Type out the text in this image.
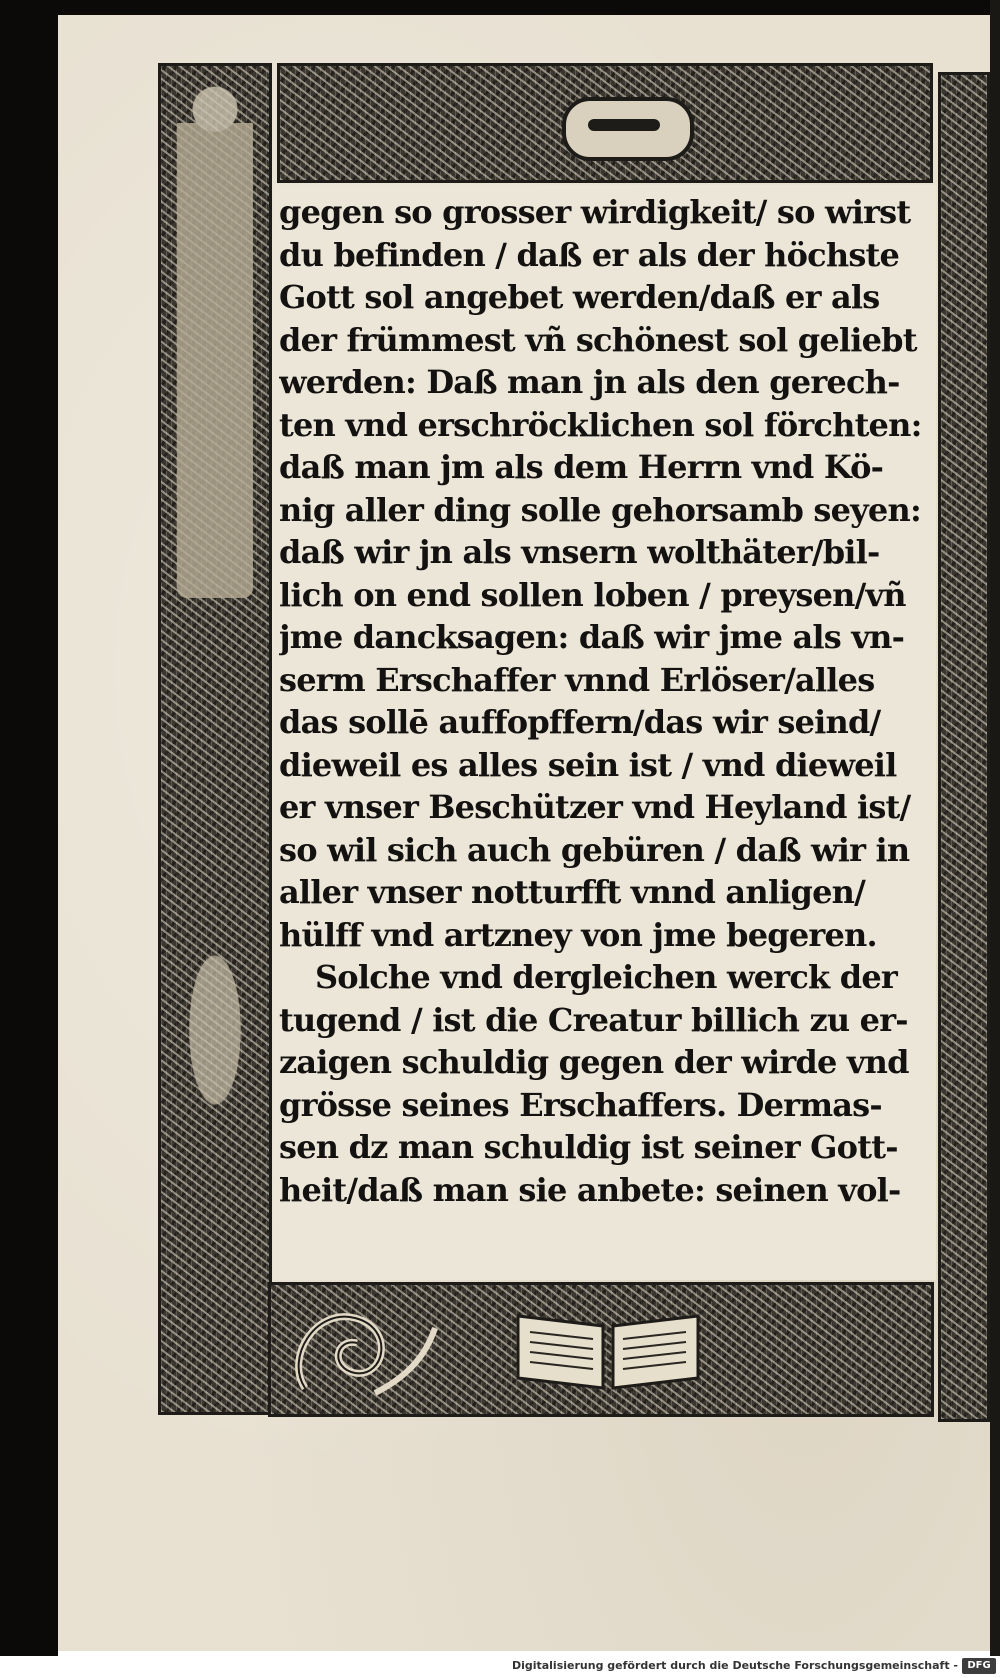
gegen so grosser wirdigkeit/ so wirst
du befinden / daß er als der höchste
Gott sol angebet werden/daß er als
der frümmest vñ schönest sol geliebt
werden: Daß man jn als den gerech-
ten vnd erschröcklichen sol förchten:
daß man jm als dem Herrn vnd Kö-
nig aller ding solle gehorsamb seyen:
daß wir jn als vnsern wolthäter/bil-
lich on end sollen loben / preysen/vñ
jme dancksagen: daß wir jme als vn-
serm Erschaffer vnnd Erlöser/alles
das sollē auffopffern/das wir seind/
dieweil es alles sein ist / vnd dieweil
er vnser Beschützer vnd Heyland ist/
so wil sich auch gebüren / daß wir in
aller vnser notturfft vnnd anligen/
hülff vnd artzney von jme begeren.
Solche vnd dergleichen werck der
tugend / ist die Creatur billich zu er-
zaigen schuldig gegen der wirde vnd
grösse seines Erschaffers. Dermas-
sen dz man schuldig ist seiner Gott-
heit/daß man sie anbete: seinen vol-
Digitalisierung gefördert durch die Deutsche Forschungsgemeinschaft - DFG
